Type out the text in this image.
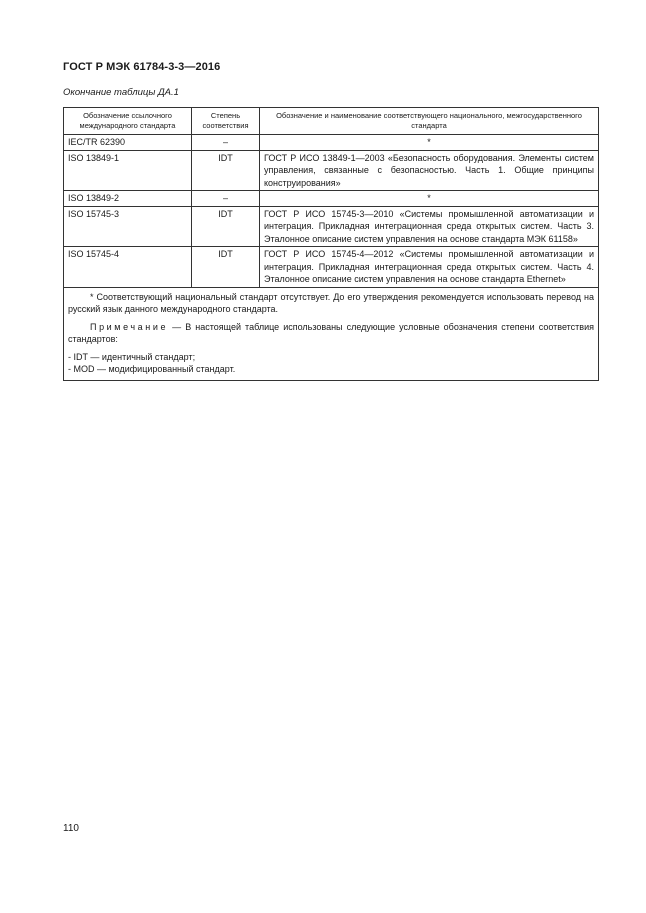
ГОСТ Р МЭК 61784-3-3—2016
Окончание таблицы ДА.1
Обозначение ссылочного международного стандарта	Степень соответствия	Обозначение и наименование соответствующего национального, межгосударственного стандарта
IEC/TR 62390	–	*
ISO 13849-1	IDT	ГОСТ Р ИСО 13849-1—2003 «Безопасность оборудования. Элементы систем управления, связанные с безопасностью. Часть 1. Общие принципы конструирования»
ISO 13849-2	–	*
ISO 15745-3	IDT	ГОСТ Р ИСО 15745-3—2010 «Системы промышленной автоматизации и интеграция. Прикладная интеграционная среда открытых систем. Часть 3. Эталонное описание систем управления на основе стандарта МЭК 61158»
ISO 15745-4	IDT	ГОСТ Р ИСО 15745-4—2012 «Системы промышленной автоматизации и интеграция. Прикладная интеграционная среда открытых систем. Часть 4. Эталонное описание систем управления на основе стандарта Ethernet»

* Соответствующий национальный стандарт отсутствует. До его утверждения рекомендуется использовать перевод на русский язык данного международного стандарта.

Примечание — В настоящей таблице использованы следующие условные обозначения степени соответствия стандартов:

- IDT — идентичный стандарт;

- MOD — модифицированный стандарт.		

110
